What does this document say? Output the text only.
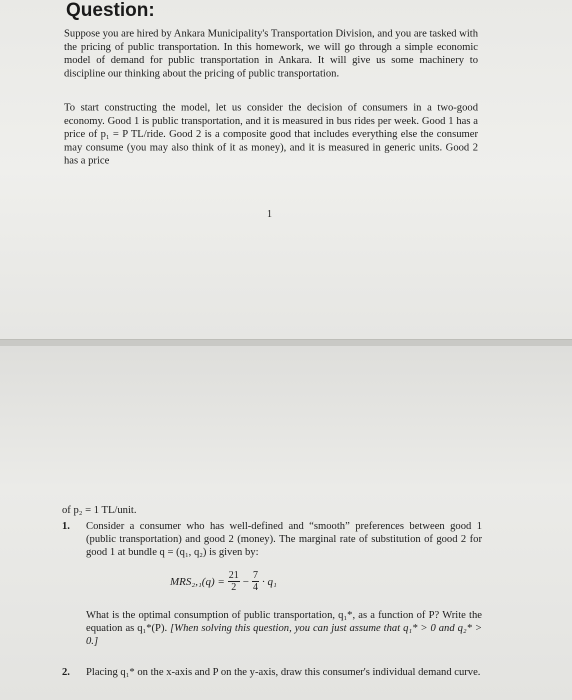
Question:

Suppose you are hired by Ankara Municipality's Transportation Division, and you are tasked with the pricing of public transportation. In this homework, we will go through a simple economic model of demand for public transportation in Ankara. It will give us some machinery to discipline our thinking about the pricing of public transportation.

To start constructing the model, let us consider the decision of consumers in a two-good economy. Good 1 is public transportation, and it is measured in bus rides per week. Good 1 has a price of p₁ = P TL/ride. Good 2 is a composite good that includes everything else the consumer may consume (you may also think of it as money), and it is measured in generic units. Good 2 has a price

1

of p₂ = 1 TL/unit.

1. Consider a consumer who has well-defined and “smooth” preferences between good 1 (public transportation) and good 2 (money). The marginal rate of substitution of good 2 for good 1 at bundle q = (q₁, q₂) is given by:
$MRS_2,_1(q) = \frac{21}{2} - \frac{7}{4} \cdot q_1$

What is the optimal consumption of public transportation, q₁*, as a function of P? Write the equation as q₁*(P). [When solving this question, you can just assume that q₁* > 0 and q₂* > 0.]

2. Placing q₁* on the x-axis and P on the y-axis, draw this consumer's individual demand curve.
